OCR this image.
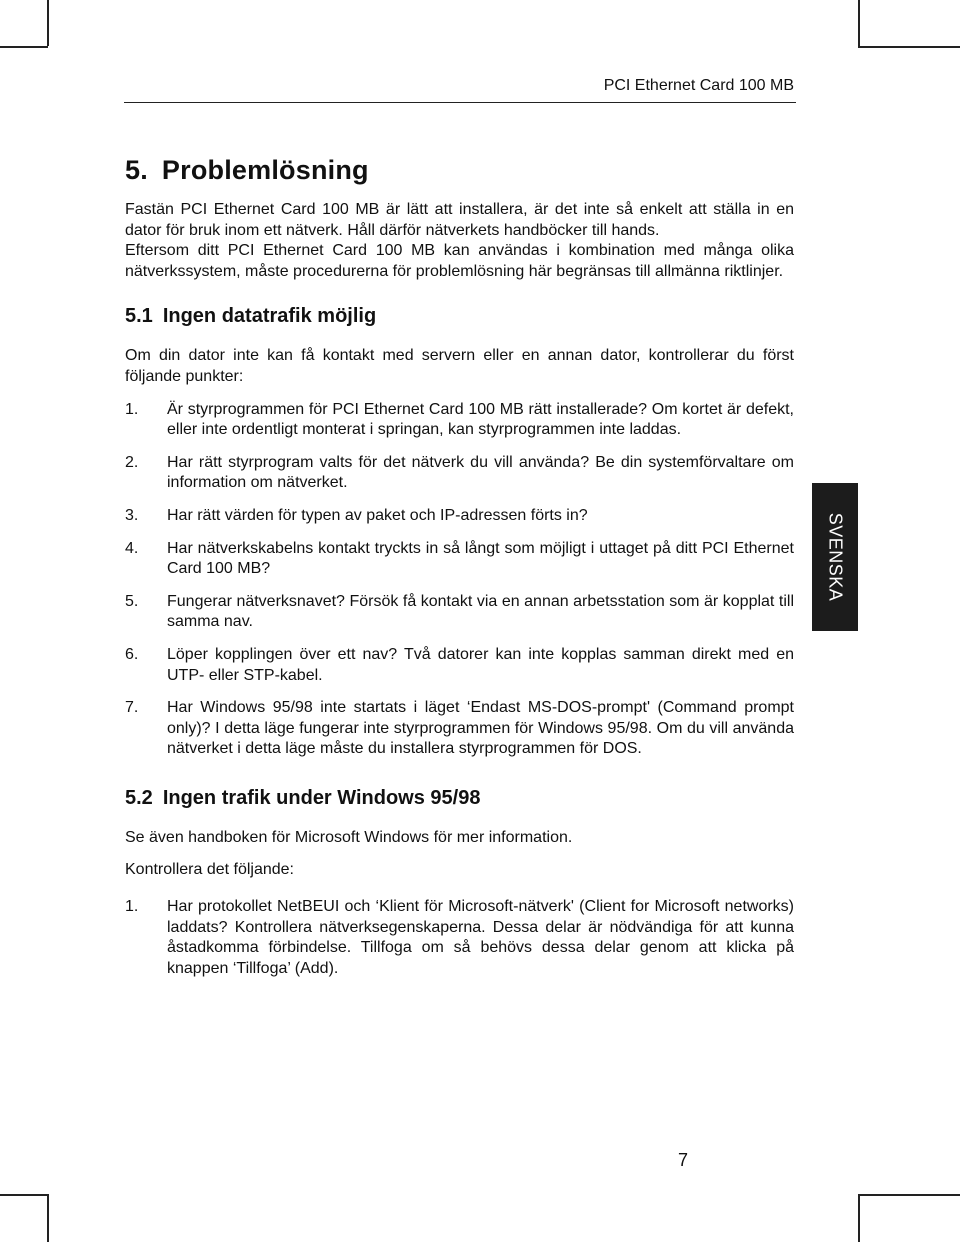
PCI Ethernet Card 100 MB
5. Problemlösning

Fastän PCI Ethernet Card 100 MB är lätt att installera, är det inte så enkelt att ställa in en dator för bruk inom ett nätverk. Håll därför nätverkets handböcker till hands.

Eftersom ditt PCI Ethernet Card 100 MB kan användas i kombination med många olika nätverkssystem, måste procedurerna för problemlösning här begränsas till allmänna riktlinjer.

5.1 Ingen datatrafik möjlig

Om din dator inte kan få kontakt med servern eller en annan dator, kontrollerar du först följande punkter:

1.	Är styrprogrammen för PCI Ethernet Card 100 MB rätt installerade? Om kortet är defekt, eller inte ordentligt monterat i springan, kan styrprogrammen inte laddas.
2.	Har rätt styrprogram valts för det nätverk du vill använda? Be din systemförvaltare om information om nätverket.
3.	Har rätt värden för typen av paket och IP-adressen förts in?
4.	Har nätverkskabelns kontakt tryckts in så långt som möjligt i uttaget på ditt PCI Ethernet Card 100 MB?
5.	Fungerar nätverksnavet? Försök få kontakt via en annan arbetsstation som är kopplat till samma nav.
6.	Löper kopplingen över ett nav? Två datorer kan inte kopplas samman direkt med en UTP- eller STP-kabel.
7.	Har Windows 95/98 inte startats i läget ‘Endast MS-DOS-prompt' (Command prompt only)? I detta läge fungerar inte styrprogrammen för Windows 95/98. Om du vill använda nätverket i detta läge måste du installera styrprogrammen för DOS.
5.2 Ingen trafik under Windows 95/98

Se även handboken för Microsoft Windows för mer information.

Kontrollera det följande:

1.	Har protokollet NetBEUI och ‘Klient för Microsoft-nätverk' (Client for Microsoft networks) laddats? Kontrollera nätverksegenskaperna. Dessa delar är nödvändiga för att kunna åstadkomma förbindelse. Tillfoga om så behövs dessa delar genom att klicka på knappen ‘Tillfoga’ (Add).
SVENSKA
7
